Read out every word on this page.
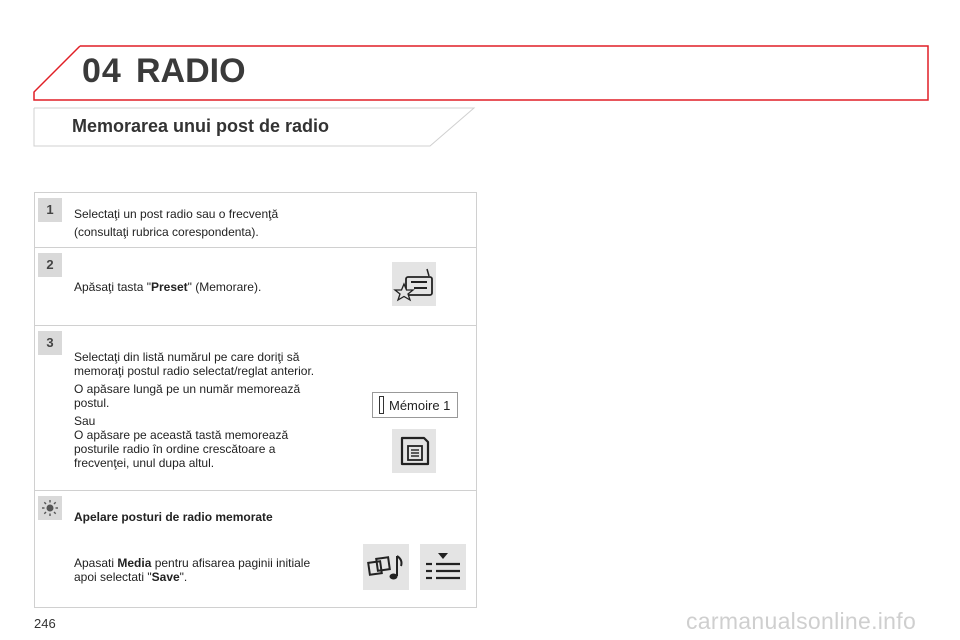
04 RADIO
Memorarea unui post de radio
1	Selectaţi un post radio sau o frecvenţă
(consultaţi rubrica corespondenta).
2
Apăsaţi tasta "Preset" (Memorare).
3
Selectaţi din listă numărul pe care doriţi să
memoraţi postul radio selectat/reglat anterior.
O apăsare lungă pe un număr memorează
postul.
Sau
O apăsare pe această tastă memorează
posturile radio în ordine crescătoare a
frecvenţei, unul dupa altul.
Mémoire 1
Apelare posturi de radio memorate
Apasati Media pentru afisarea paginii initiale
apoi selectati "Save".
246	carmanualsonline.info
